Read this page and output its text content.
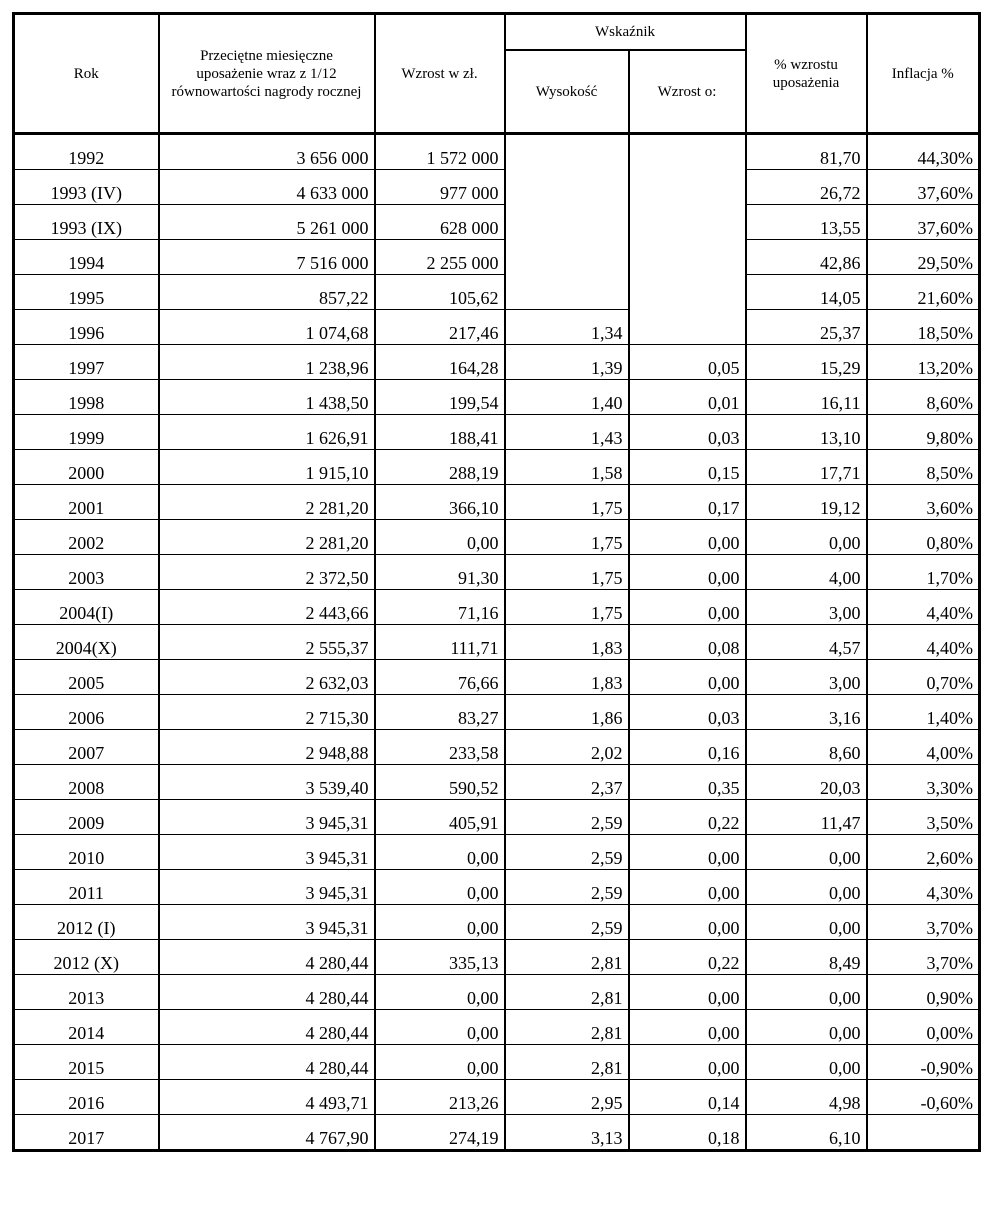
Rok	Przeciętne miesięczne uposażenie wraz z 1/12 równowartości nagrody rocznej	Wzrost w zł.	Wskaźnik		% wzrostu uposażenia	Inflacja %
			Wysokość	Wzrost o:		
1992	3 656 000	1 572 000			81,70	44,30%
1993 (IV)	4 633 000	977 000			26,72	37,60%
1993 (IX)	5 261 000	628 000			13,55	37,60%
1994	7 516 000	2 255 000			42,86	29,50%
1995	857,22	105,62			14,05	21,60%
1996	1 074,68	217,46	1,34		25,37	18,50%
1997	1 238,96	164,28	1,39	0,05	15,29	13,20%
1998	1 438,50	199,54	1,40	0,01	16,11	8,60%
1999	1 626,91	188,41	1,43	0,03	13,10	9,80%
2000	1 915,10	288,19	1,58	0,15	17,71	8,50%
2001	2 281,20	366,10	1,75	0,17	19,12	3,60%
2002	2 281,20	0,00	1,75	0,00	0,00	0,80%
2003	2 372,50	91,30	1,75	0,00	4,00	1,70%
2004(I)	2 443,66	71,16	1,75	0,00	3,00	4,40%
2004(X)	2 555,37	111,71	1,83	0,08	4,57	4,40%
2005	2 632,03	76,66	1,83	0,00	3,00	0,70%
2006	2 715,30	83,27	1,86	0,03	3,16	1,40%
2007	2 948,88	233,58	2,02	0,16	8,60	4,00%
2008	3 539,40	590,52	2,37	0,35	20,03	3,30%
2009	3 945,31	405,91	2,59	0,22	11,47	3,50%
2010	3 945,31	0,00	2,59	0,00	0,00	2,60%
2011	3 945,31	0,00	2,59	0,00	0,00	4,30%
2012 (I)	3 945,31	0,00	2,59	0,00	0,00	3,70%
2012 (X)	4 280,44	335,13	2,81	0,22	8,49	3,70%
2013	4 280,44	0,00	2,81	0,00	0,00	0,90%
2014	4 280,44	0,00	2,81	0,00	0,00	0,00%
2015	4 280,44	0,00	2,81	0,00	0,00	-0,90%
2016	4 493,71	213,26	2,95	0,14	4,98	-0,60%
2017	4 767,90	274,19	3,13	0,18	6,10	
